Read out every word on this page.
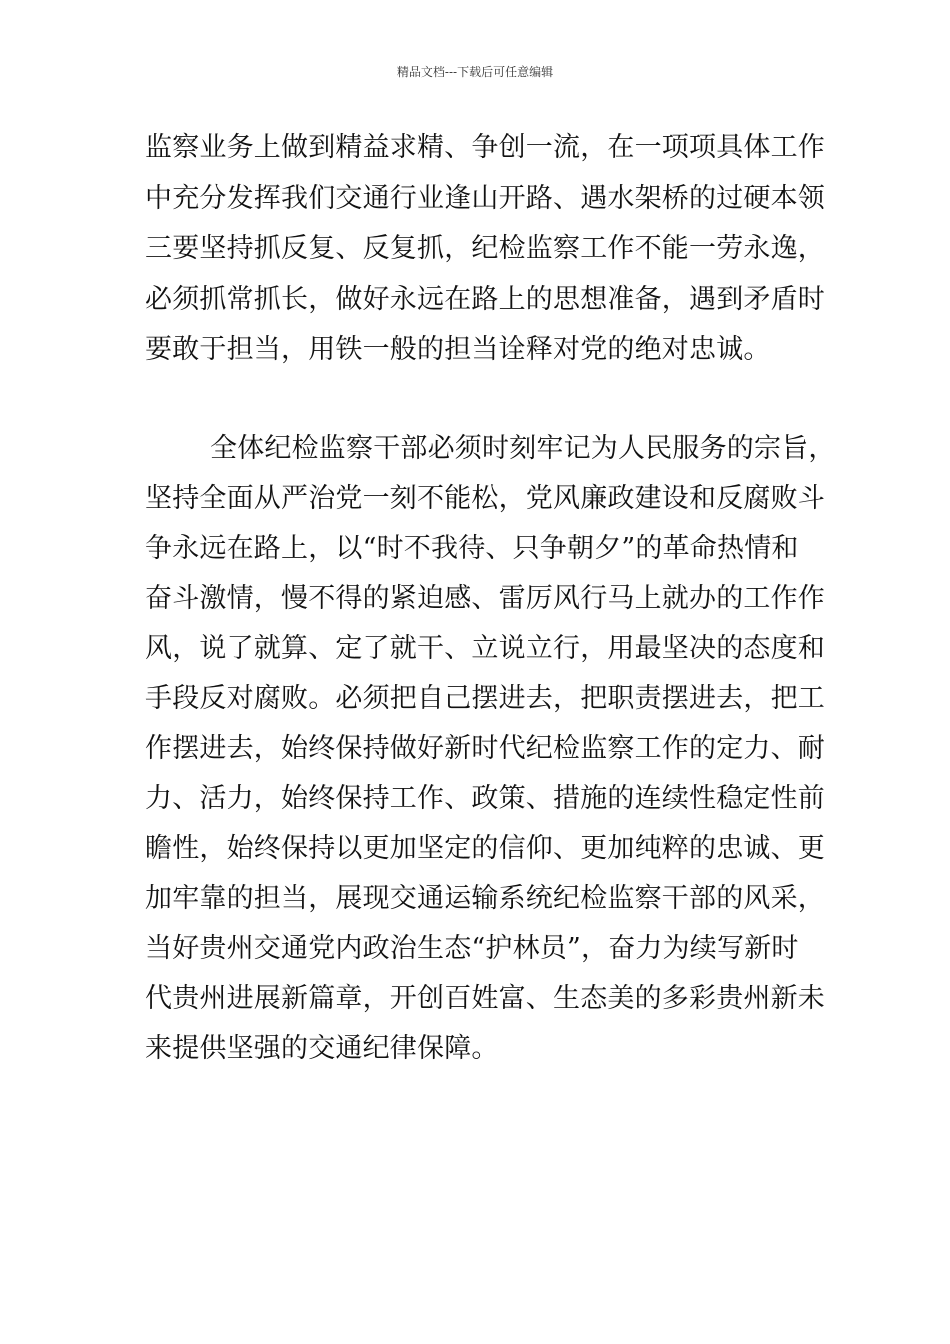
精品文档---下载后可任意编辑
监察业务上做到精益求精、争创一流，在一项项具体工作
中充分发挥我们交通行业逢山开路、遇水架桥的过硬本领
三要坚持抓反复、反复抓，纪检监察工作不能一劳永逸，
必须抓常抓长，做好永远在路上的思想准备，遇到矛盾时
要敢于担当，用铁一般的担当诠释对党的绝对忠诚。
全体纪检监察干部必须时刻牢记为人民服务的宗旨，
坚持全面从严治党一刻不能松，党风廉政建设和反腐败斗
争永远在路上，以“时不我待、只争朝夕”的革命热情和
奋斗激情，慢不得的紧迫感、雷厉风行马上就办的工作作
风，说了就算、定了就干、立说立行，用最坚决的态度和
手段反对腐败。必须把自己摆进去，把职责摆进去，把工
作摆进去，始终保持做好新时代纪检监察工作的定力、耐
力、活力，始终保持工作、政策、措施的连续性稳定性前
瞻性，始终保持以更加坚定的信仰、更加纯粹的忠诚、更
加牢靠的担当，展现交通运输系统纪检监察干部的风采，
当好贵州交通党内政治生态“护林员”，奋力为续写新时
代贵州进展新篇章，开创百姓富、生态美的多彩贵州新未
来提供坚强的交通纪律保障。
